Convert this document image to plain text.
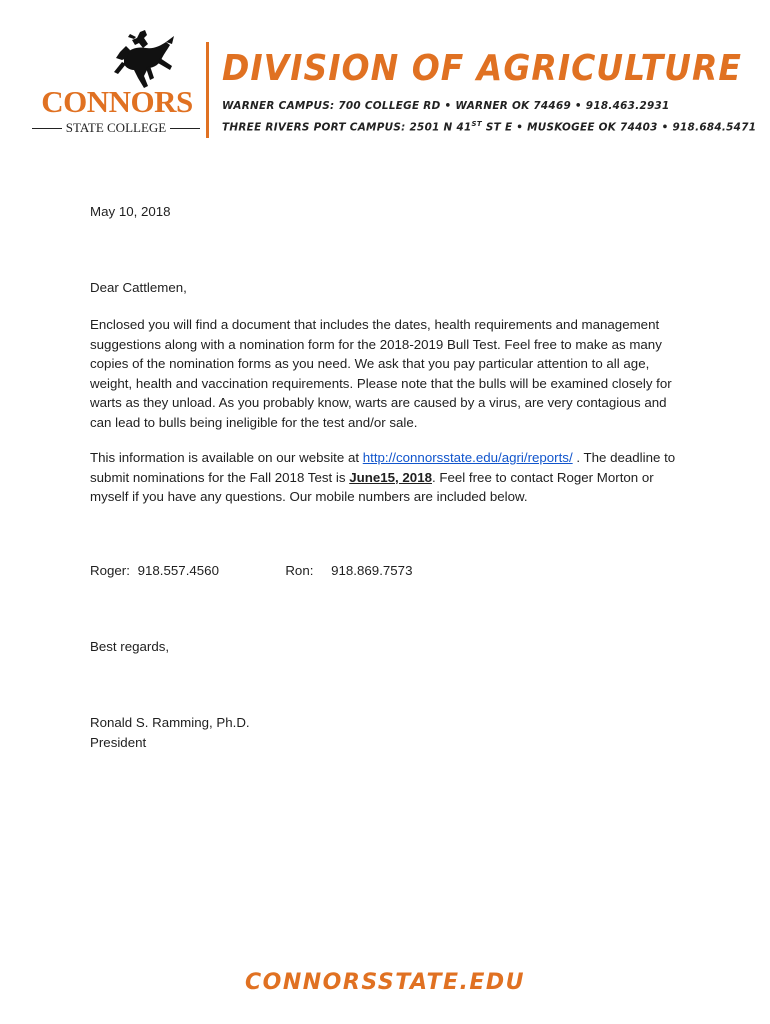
CONNORS
STATE COLLEGE
DIVISION OF AGRICULTURE
WARNER CAMPUS: 700 COLLEGE RD • WARNER OK 74469 • 918.463.2931
THREE RIVERS PORT CAMPUS: 2501 N 41ST ST E • MUSKOGEE OK 74403 • 918.684.5471
May 10, 2018
Dear Cattlemen,

Enclosed you will find a document that includes the dates, health requirements and management suggestions along with a nomination form for the 2018-2019 Bull Test. Feel free to make as many copies of the nomination forms as you need. We ask that you pay particular attention to all age, weight, health and vaccination requirements. Please note that the bulls will be examined closely for warts as they unload. As you probably know, warts are caused by a virus, are very contagious and can lead to bulls being ineligible for the test and/or sale.

This information is available on our website at http://connorsstate.edu/agri/reports/ . The deadline to submit nominations for the Fall 2018 Test is June15, 2018. Feel free to contact Roger Morton or myself if you have any questions. Our mobile numbers are included below.

Roger: 918.557.4560	Ron: 918.869.7573
Best regards,
Ronald S. Ramming, Ph.D.
President
CONNORSSTATE.EDU
